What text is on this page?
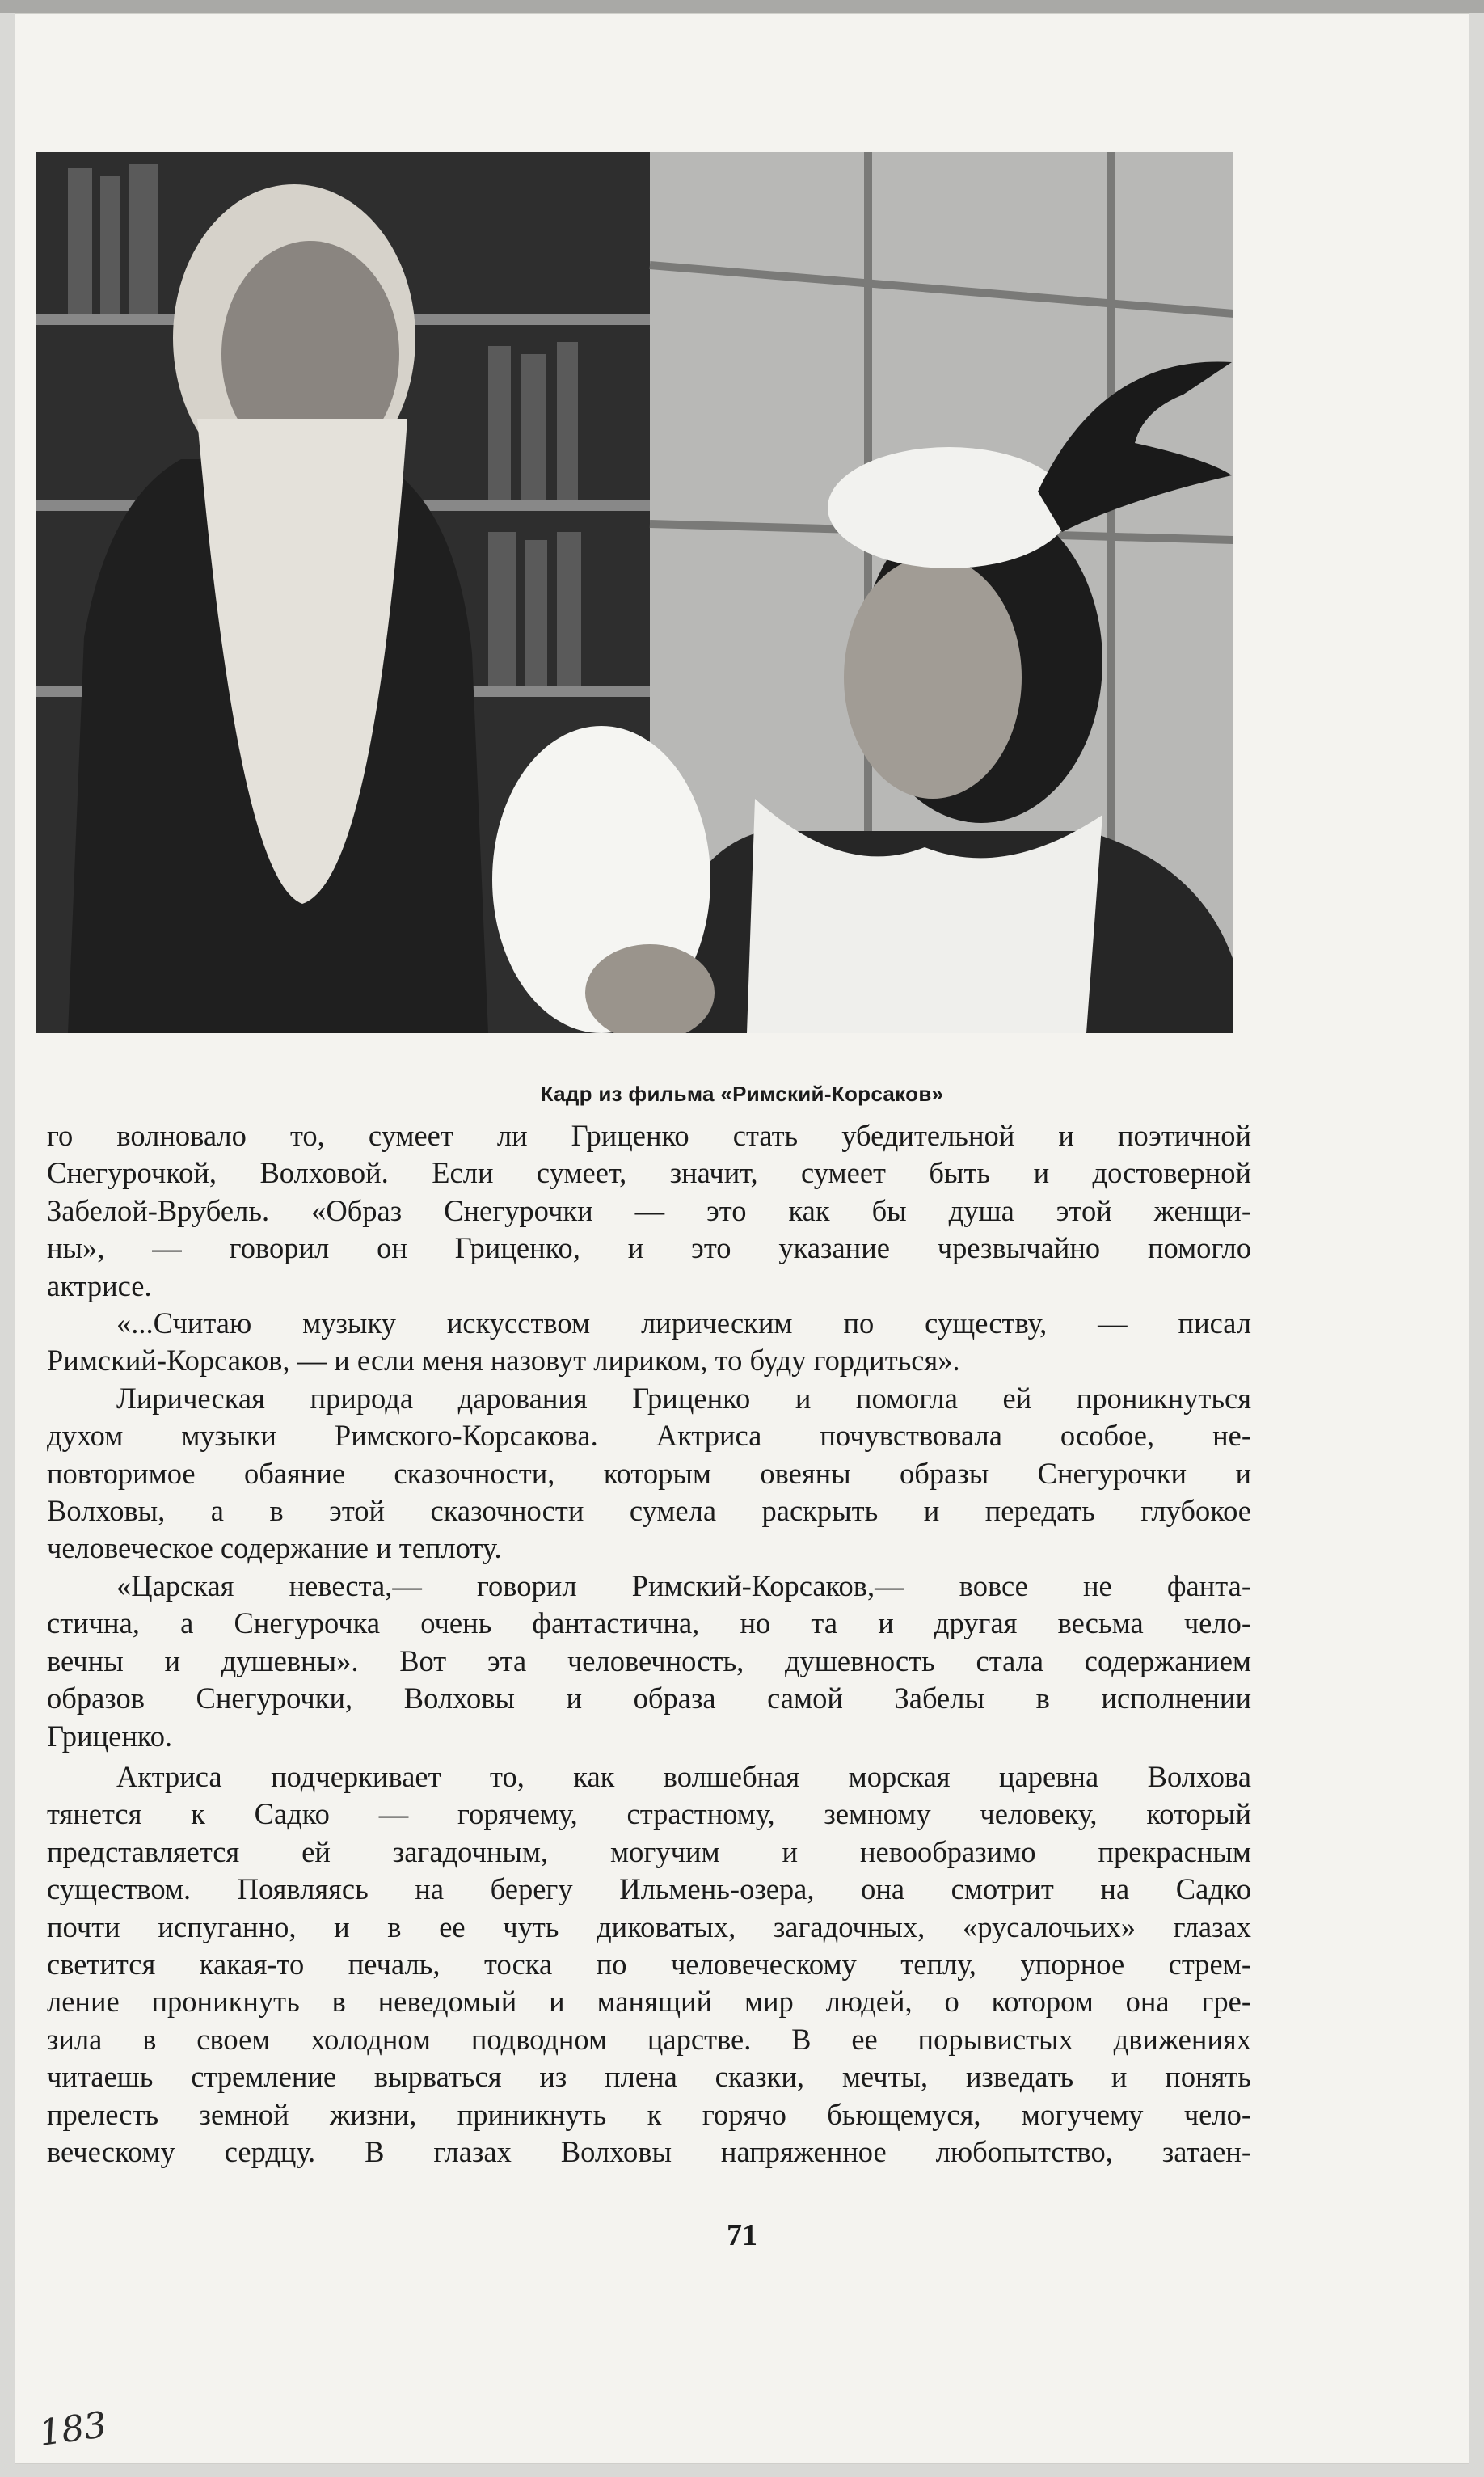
Кадр из фильма «Римский-Корсаков»

го волновало то, сумеет ли Гриценко стать убедительной и поэтичной
Снегурочкой, Волховой. Если сумеет, значит, сумеет быть и достоверной
Забелой-Врубель. «Образ Снегурочки — это как бы душа этой женщи-
ны», — говорил он Гриценко, и это указание чрезвычайно помогло
актрисе.

«...Считаю музыку искусством лирическим по существу, — писал
Римский-Корсаков, — и если меня назовут лириком, то буду гордиться».

Лирическая природа дарования Гриценко и помогла ей проникнуться
духом музыки Римского-Корсакова. Актриса почувствовала особое, не-
повторимое обаяние сказочности, которым овеяны образы Снегурочки и
Волховы, а в этой сказочности сумела раскрыть и передать глубокое
человеческое содержание и теплоту.

«Царская невеста,— говорил Римский-Корсаков,— вовсе не фанта-
стична, а Снегурочка очень фантастична, но та и другая весьма чело-
вечны и душевны». Вот эта человечность, душевность стала содержанием
образов Снегурочки, Волховы и образа самой Забелы в исполнении
Гриценко.

Актриса подчеркивает то, как волшебная морская царевна Волхова
тянется к Садко — горячему, страстному, земному человеку, который
представляется ей загадочным, могучим и невообразимо прекрасным
существом. Появляясь на берегу Ильмень-озера, она смотрит на Садко
почти испуганно, и в ее чуть диковатых, загадочных, «русалочьих» глазах
светится какая-то печаль, тоска по человеческому теплу, упорное стрем-
ление проникнуть в неведомый и манящий мир людей, о котором она гре-
зила в своем холодном подводном царстве. В ее порывистых движениях
читаешь стремление вырваться из плена сказки, мечты, изведать и понять
прелесть земной жизни, приникнуть к горячо бьющемуся, могучему чело-
веческому сердцу. В глазах Волховы напряженное любопытство, затаен-

71
183
